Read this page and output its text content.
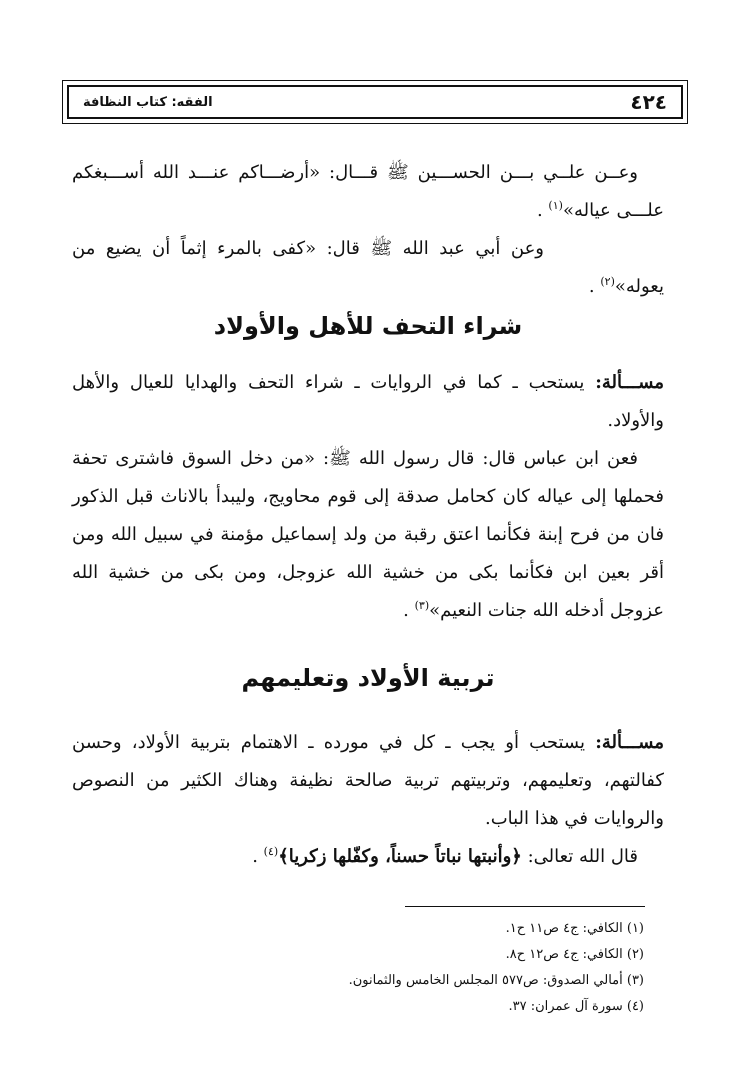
٤٢٤
الفقه: كتاب النظافة

وعــن علــي بـــن الحســـين ﷺ قـــال: «أرضـــاكم عنـــد الله أســـبغكم علـــى عياله»$^{(١)}$ .

وعن أبي عبد الله ﷺ قال: «كفى بالمرء إثماً أن يضيع من يعوله»$^{(٢)}$ .

شراء التحف للأهل والأولاد

مســـألة: يستحب ـ كما في الروايات ـ شراء التحف والهدايا للعيال والأهل والأولاد.

فعن ابن عباس قال: قال رسول الله ﷺ: «من دخل السوق فاشترى تحفة فحملها إلى عياله كان كحامل صدقة إلى قوم محاويج، وليبدأ بالاناث قبل الذكور فان من فرح إبنة فكأنما اعتق رقبة من ولد إسماعيل مؤمنة في سبيل الله ومن أقر بعين ابن فكأنما بكى من خشية الله عزوجل، ومن بكى من خشية الله عزوجل أدخله الله جنات النعيم»$^{(٣)}$ .

تربية الأولاد وتعليمهم

مســـألة: يستحب أو يجب ـ كل في مورده ـ الاهتمام بتربية الأولاد، وحسن كفالتهم، وتعليمهم، وتربيتهم تربية صالحة نظيفة وهناك الكثير من النصوص والروايات في هذا الباب.

قال الله تعالى: ﴿وأنبتها نباتاً حسناً، وكفّلها زكريا﴾$^{(٤)}$ .

(١) الكافي: ج٤ ص١١ ح١.
(٢) الكافي: ج٤ ص١٢ ح٨.
(٣) أمالي الصدوق: ص٥٧٧ المجلس الخامس والثمانون.
(٤) سورة آل عمران: ٣٧.
